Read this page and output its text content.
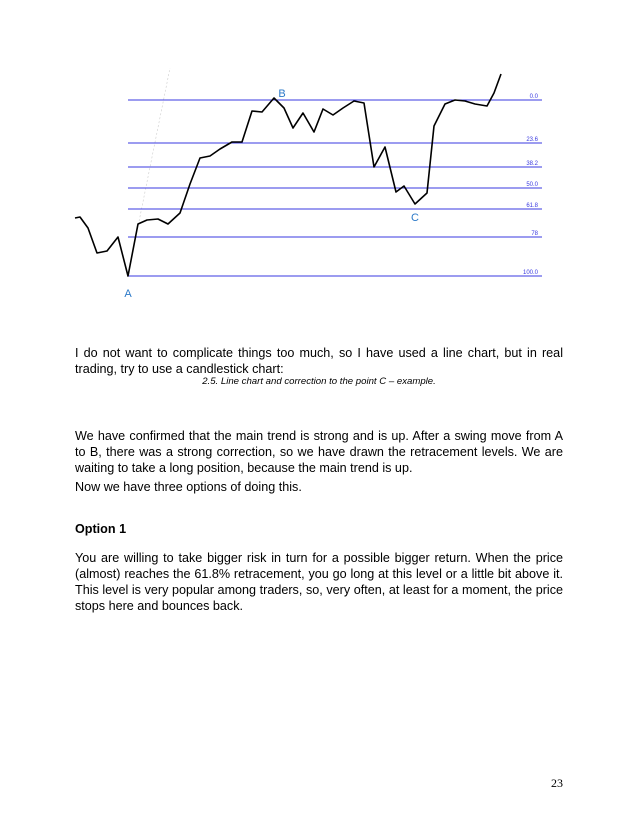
0.0
23.6
38.2
50.0
61.8
78
100.0
A
B
C

I do not want to complicate things too much, so I have used a line chart, but in real trading, try to use a candlestick chart:

2.5. Line chart and correction to the point C – example.

We have confirmed that the main trend is strong and is up. After a swing move from A to B, there was a strong correction, so we have drawn the retracement levels. We are waiting to take a long position, because the main trend is up.

Now we have three options of doing this.

Option 1

You are willing to take bigger risk in turn for a possible bigger return. When the price (almost) reaches the 61.8% retracement, you go long at this level or a little bit above it. This level is very popular among traders, so, very often, at least for a moment, the price stops here and bounces back.

23
